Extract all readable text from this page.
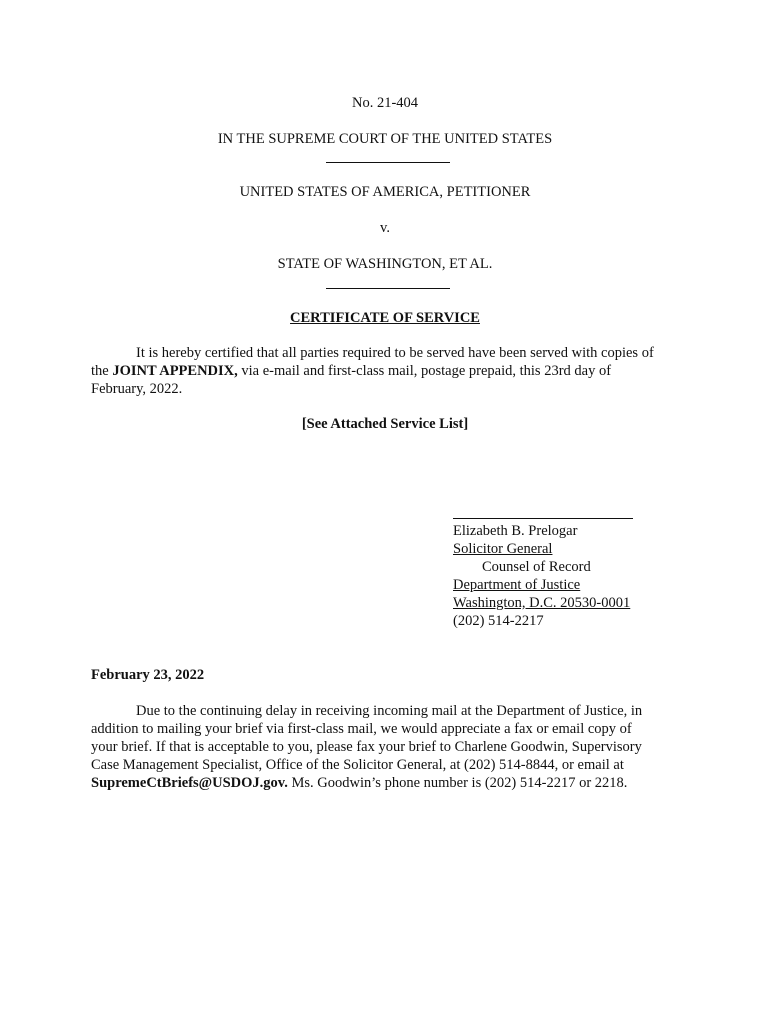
No. 21-404
IN THE SUPREME COURT OF THE UNITED STATES
UNITED STATES OF AMERICA, PETITIONER
v.
STATE OF WASHINGTON, ET AL.
CERTIFICATE OF SERVICE
It is hereby certified that all parties required to be served have been served with copies of
the JOINT APPENDIX, via e-mail and first-class mail, postage prepaid, this 23rd day of
February, 2022.
[See Attached Service List]
Elizabeth B. Prelogar
Solicitor General
Counsel of Record
Department of Justice
Washington, D.C. 20530-0001
(202) 514-2217
February 23, 2022
Due to the continuing delay in receiving incoming mail at the Department of Justice, in
addition to mailing your brief via first-class mail, we would appreciate a fax or email copy of
your brief. If that is acceptable to you, please fax your brief to Charlene Goodwin, Supervisory
Case Management Specialist, Office of the Solicitor General, at (202) 514-8844, or email at
SupremeCtBriefs@USDOJ.gov. Ms. Goodwin’s phone number is (202) 514-2217 or 2218.
